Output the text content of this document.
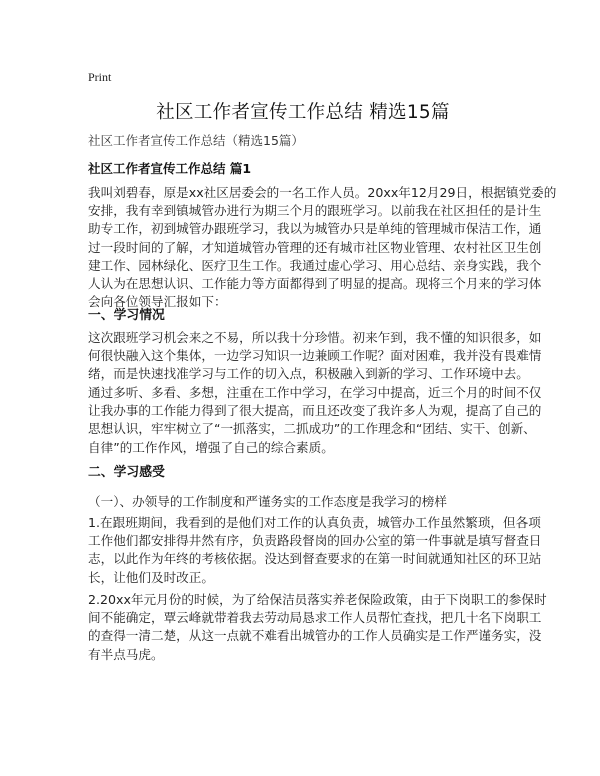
Print
社区工作者宣传工作总结 精选15篇
社区工作者宣传工作总结（精选15篇）
社区工作者宣传工作总结 篇1
我叫刘碧春，原是xx社区居委会的一名工作人员。20xx年12月29日，根据镇党委的
安排，我有幸到镇城管办进行为期三个月的跟班学习。以前我在社区担任的是计生
助专工作，初到城管办跟班学习，我以为城管办只是单纯的管理城市保洁工作，通
过一段时间的了解，才知道城管办管理的还有城市社区物业管理、农村社区卫生创
建工作、园林绿化、医疗卫生工作。我通过虚心学习、用心总结、亲身实践，我个
人认为在思想认识、工作能力等方面都得到了明显的提高。现将三个月来的学习体
会向各位领导汇报如下：
一、学习情况
这次跟班学习机会来之不易，所以我十分珍惜。初来乍到，我不懂的知识很多，如
何很快融入这个集体，一边学习知识一边兼顾工作呢？面对困难，我并没有畏难情
绪，而是快速找准学习与工作的切入点，积极融入到新的学习、工作环境中去。
通过多听、多看、多想，注重在工作中学习，在学习中提高，近三个月的时间不仅
让我办事的工作能力得到了很大提高，而且还改变了我许多人为观，提高了自己的
思想认识，牢牢树立了“一抓落实，二抓成功”的工作理念和“团结、实干、创新、
自律”的工作作风，增强了自己的综合素质。
二、学习感受
（一）、办领导的工作制度和严谨务实的工作态度是我学习的榜样
1.在跟班期间，我看到的是他们对工作的认真负责，城管办工作虽然繁琐，但各项
工作他们都安排得井然有序，负责路段督岗的回办公室的第一件事就是填写督查日
志，以此作为年终的考核依据。没达到督查要求的在第一时间就通知社区的环卫站
长，让他们及时改正。
2.20xx年元月份的时候，为了给保洁员落实养老保险政策，由于下岗职工的参保时
间不能确定，覃云峰就带着我去劳动局恳求工作人员帮忙查找，把几十名下岗职工
的查得一清二楚，从这一点就不难看出城管办的工作人员确实是工作严谨务实，没
有半点马虎。
